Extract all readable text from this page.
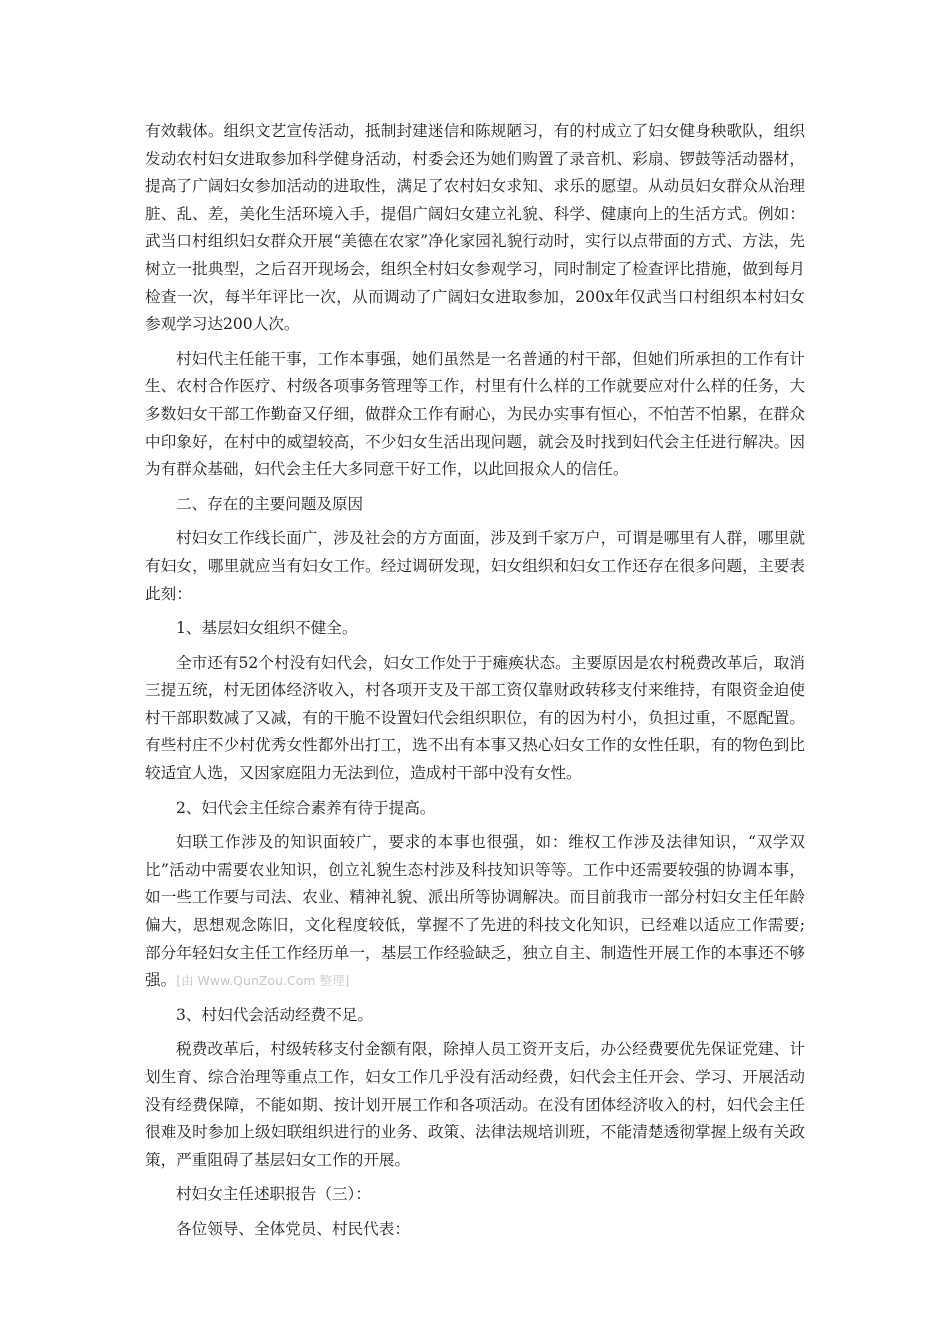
有效载体。组织文艺宣传活动，抵制封建迷信和陈规陋习，有的村成立了妇女健身秧歌队，组织发动农村妇女进取参加科学健身活动，村委会还为她们购置了录音机、彩扇、锣鼓等活动器材，提高了广阔妇女参加活动的进取性，满足了农村妇女求知、求乐的愿望。从动员妇女群众从治理脏、乱、差，美化生活环境入手，提倡广阔妇女建立礼貌、科学、健康向上的生活方式。例如：武当口村组织妇女群众开展“美德在农家”净化家园礼貌行动时，实行以点带面的方式、方法，先树立一批典型，之后召开现场会，组织全村妇女参观学习，同时制定了检查评比措施，做到每月检查一次，每半年评比一次，从而调动了广阔妇女进取参加，200x年仅武当口村组织本村妇女参观学习达200人次。

村妇代主任能干事，工作本事强，她们虽然是一名普通的村干部，但她们所承担的工作有计生、农村合作医疗、村级各项事务管理等工作，村里有什么样的工作就要应对什么样的任务，大多数妇女干部工作勤奋又仔细，做群众工作有耐心，为民办实事有恒心，不怕苦不怕累，在群众中印象好，在村中的威望较高，不少妇女生活出现问题，就会及时找到妇代会主任进行解决。因为有群众基础，妇代会主任大多同意干好工作，以此回报众人的信任。

二、存在的主要问题及原因

村妇女工作线长面广，涉及社会的方方面面，涉及到千家万户，可谓是哪里有人群，哪里就有妇女，哪里就应当有妇女工作。经过调研发现，妇女组织和妇女工作还存在很多问题，主要表此刻：

1、基层妇女组织不健全。

全市还有52个村没有妇代会，妇女工作处于于瘫痪状态。主要原因是农村税费改革后，取消三提五统，村无团体经济收入，村各项开支及干部工资仅靠财政转移支付来维持，有限资金迫使村干部职数减了又减，有的干脆不设置妇代会组织职位，有的因为村小，负担过重，不愿配置。有些村庄不少村优秀女性都外出打工，选不出有本事又热心妇女工作的女性任职，有的物色到比较适宜人选，又因家庭阻力无法到位，造成村干部中没有女性。

2、妇代会主任综合素养有待于提高。

妇联工作涉及的知识面较广，要求的本事也很强，如：维权工作涉及法律知识，“双学双比”活动中需要农业知识，创立礼貌生态村涉及科技知识等等。工作中还需要较强的协调本事，如一些工作要与司法、农业、精神礼貌、派出所等协调解决。而目前我市一部分村妇女主任年龄偏大，思想观念陈旧，文化程度较低，掌握不了先进的科技文化知识，已经难以适应工作需要;部分年轻妇女主任工作经历单一，基层工作经验缺乏，独立自主、制造性开展工作的本事还不够强。[由 Www.QunZou.Com 整理]

3、村妇代会活动经费不足。

税费改革后，村级转移支付金额有限，除掉人员工资开支后，办公经费要优先保证党建、计划生育、综合治理等重点工作，妇女工作几乎没有活动经费，妇代会主任开会、学习、开展活动没有经费保障，不能如期、按计划开展工作和各项活动。在没有团体经济收入的村，妇代会主任很难及时参加上级妇联组织进行的业务、政策、法律法规培训班，不能清楚透彻掌握上级有关政策，严重阻碍了基层妇女工作的开展。

村妇女主任述职报告（三）：

各位领导、全体党员、村民代表：
